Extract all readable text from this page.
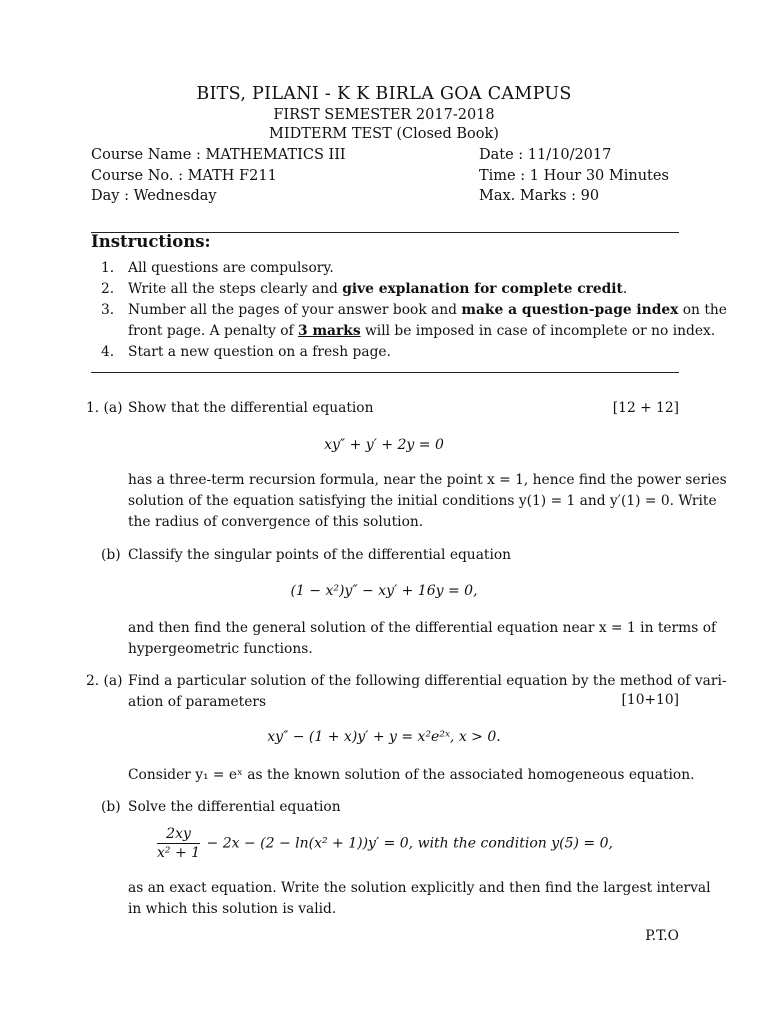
BITS, PILANI - K K BIRLA GOA CAMPUS
FIRST SEMESTER 2017-2018
MIDTERM TEST (Closed Book)
Course Name : MATHEMATICS III
Course No. : MATH F211
Day : Wednesday
Date : 11/10/2017
Time : 1 Hour 30 Minutes
Max. Marks : 90
Instructions:
1. All questions are compulsory.
2. Write all the steps clearly and give explanation for complete credit.
3. Number all the pages of your answer book and make a question-page index on the
front page. A penalty of 3 marks will be imposed in case of incomplete or no index.
4. Start a new question on a fresh page.
1. (a) Show that the differential equation	[12 + 12]
xy″ + y′ + 2y = 0
has a three-term recursion formula, near the point x = 1, hence find the power series
solution of the equation satisfying the initial conditions y(1) = 1 and y′(1) = 0. Write
the radius of convergence of this solution.
(b) Classify the singular points of the differential equation
(1 − x²)y″ − xy′ + 16y = 0,
and then find the general solution of the differential equation near x = 1 in terms of
hypergeometric functions.
2. (a) Find a particular solution of the following differential equation by the method of vari-
ation of parameters	[10+10]
xy″ − (1 + x)y′ + y = x²e²ˣ, x > 0.
Consider y₁ = eˣ as the known solution of the associated homogeneous equation.
(b) Solve the differential equation
$\frac{2xy}{\text{x² + 1}} - 2x - (2 - \ln(x^2 + 1))y' = 0$, with the condition y(5) = 0,
as an exact equation. Write the solution explicitly and then find the largest interval
in which this solution is valid.
P.T.O
